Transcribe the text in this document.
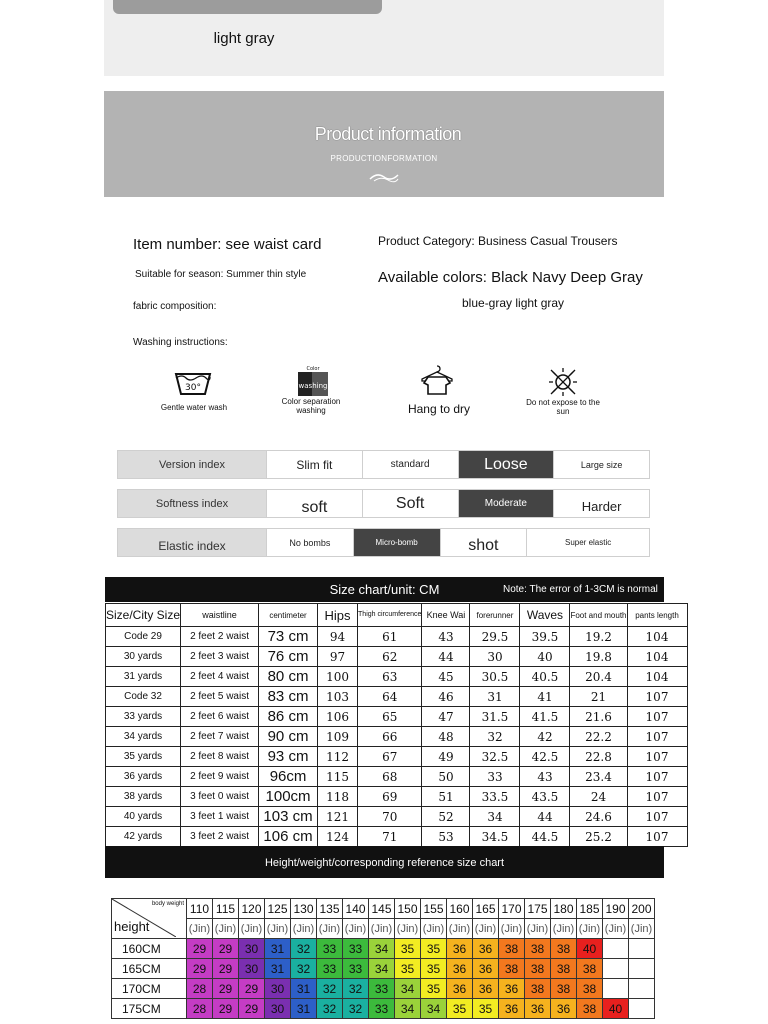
light gray
Product information
PRODUCTIONFORMATION
Item number: see waist card
Suitable for season: Summer thin style
fabric composition:
Washing instructions:
Product Category: Business Casual Trousers
Available colors: Black Navy Deep Gray
blue-gray light gray
30°
Gentle water wash
Color
washing
Color separation washing	Hang to dry	Do not expose to the sun
Version index	Slim fit	standard	Loose	Large size
Softness index	soft	Soft	Moderate	Harder
Elastic index	No bombs	Micro-bomb	shot	Super elastic
Size chart/unit: CM	Note: The error of 1-3CM is normal
Size/City Size	waistline	centimeter	Hips	Thigh circumference	Knee Wai	forerunner	Waves	Foot and mouth	pants length
Code 29	2 feet 2 waist	73 cm	94	61	43	29.5	39.5	19.2	104
30 yards	2 feet 3 waist	76 cm	97	62	44	30	40	19.8	104
31 yards	2 feet 4 waist	80 cm	100	63	45	30.5	40.5	20.4	104
Code 32	2 feet 5 waist	83 cm	103	64	46	31	41	21	107
33 yards	2 feet 6 waist	86 cm	106	65	47	31.5	41.5	21.6	107
34 yards	2 feet 7 waist	90 cm	109	66	48	32	42	22.2	107
35 yards	2 feet 8 waist	93 cm	112	67	49	32.5	42.5	22.8	107
36 yards	2 feet 9 waist	96cm	115	68	50	33	43	23.4	107
38 yards	3 feet 0 waist	100cm	118	69	51	33.5	43.5	24	107
40 yards	3 feet 1 waist	103 cm	121	70	52	34	44	24.6	107
42 yards	3 feet 2 waist	106 cm	124	71	53	34.5	44.5	25.2	107
Height/weight/corresponding reference size chart
body weight
height	110	115	120	125	130	135	140	145	150	155	160	165	170	175	180	185	190	200
	(Jin)	(Jin)	(Jin)	(Jin)	(Jin)	(Jin)	(Jin)	(Jin)	(Jin)	(Jin)	(Jin)	(Jin)	(Jin)	(Jin)	(Jin)	(Jin)	(Jin)	(Jin)
160CM	29	29	30	31	32	33	33	34	35	35	36	36	38	38	38	40		
165CM	29	29	30	31	32	33	33	34	35	35	36	36	38	38	38	38		
170CM	28	29	29	30	31	32	32	33	34	35	36	36	36	38	38	38		
175CM	28	29	29	30	31	32	32	33	34	34	35	35	36	36	36	38	40	
